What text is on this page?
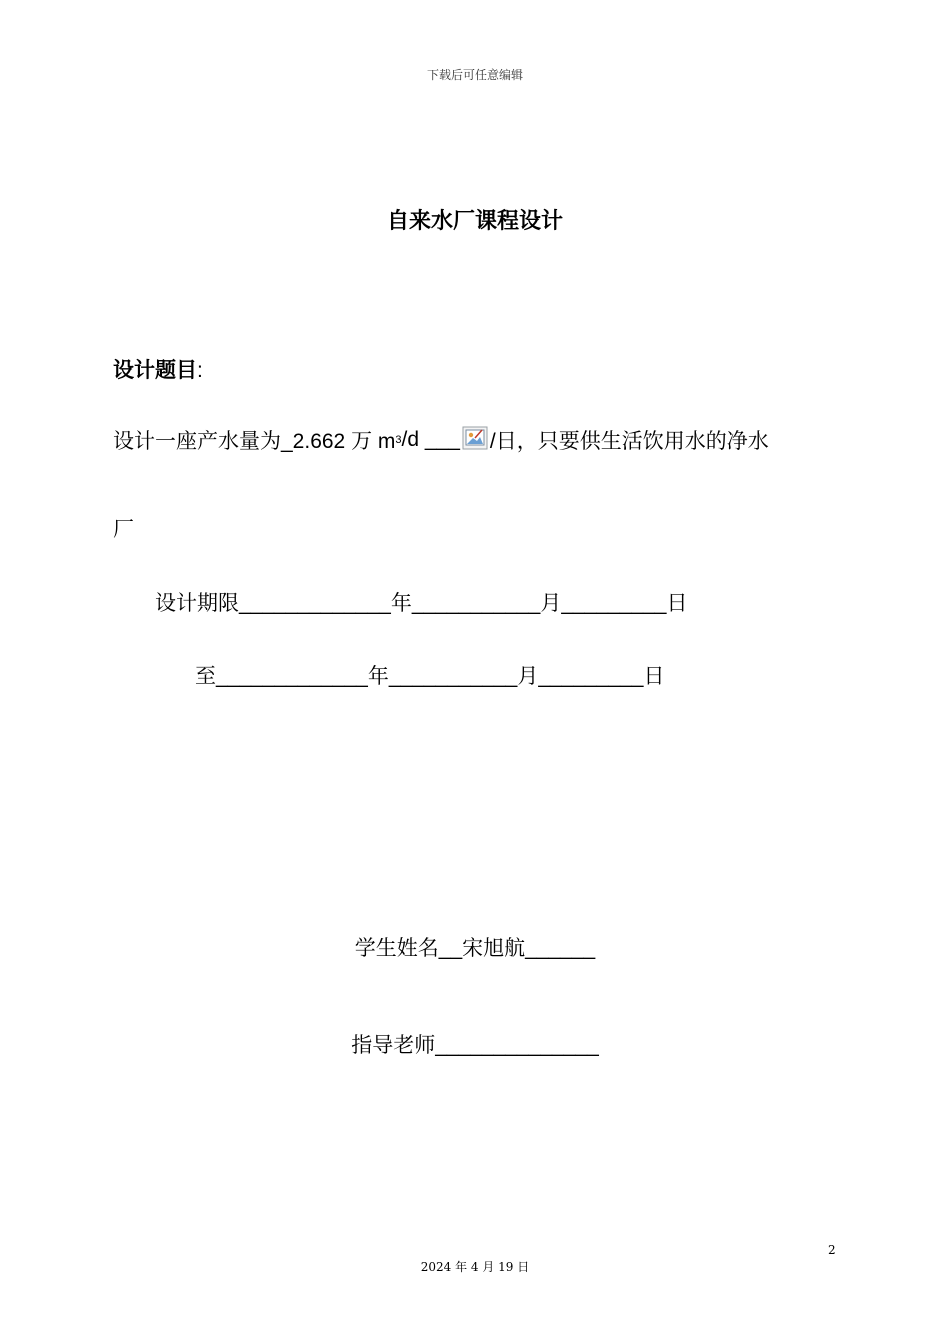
下载后可任意编辑
自来水厂课程设计
设计题目:
设计一座产水量为_2.662 万 m 3 /d ___ /日，只要供生活饮用水的净水
厂
设计期限_____________年___________月_________日
至_____________年___________月_________日
学生姓名__宋旭航______
指导老师______________
2
2024 年 4 月 19 日
